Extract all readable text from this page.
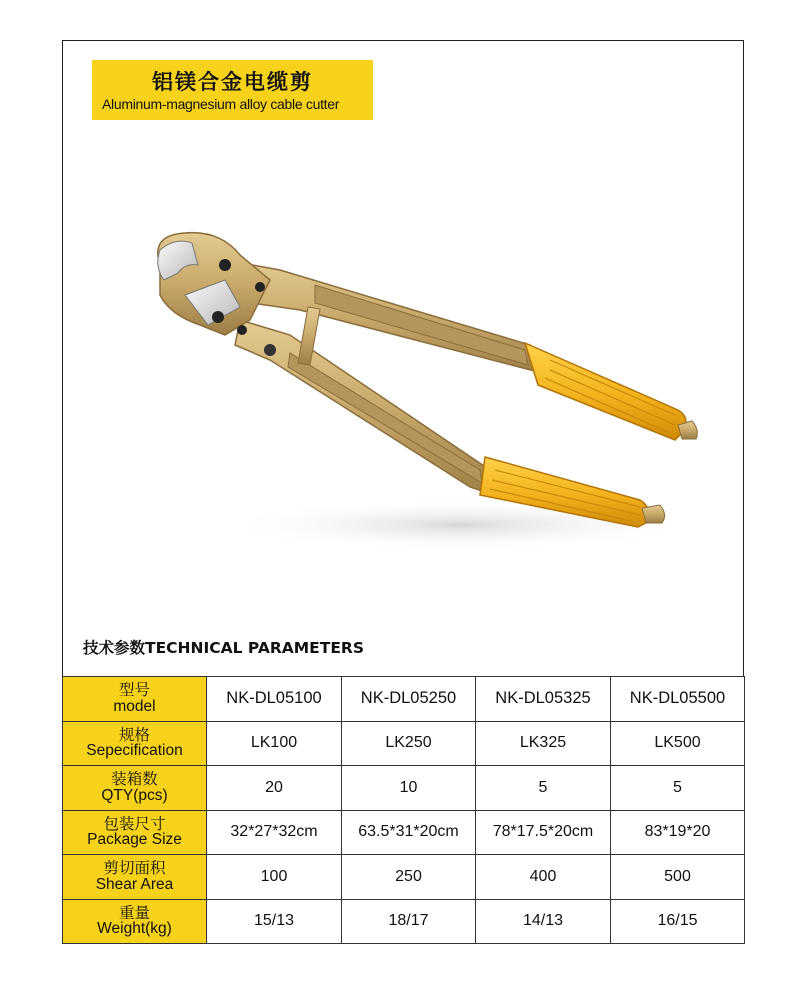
铝镁合金电缆剪
Aluminum-magnesium alloy cable cutter
技术参数TECHNICAL PARAMETERS
型号
model	NK-DL05100	NK-DL05250	NK-DL05325	NK-DL05500

规格
Sepecification	LK100	LK250	LK325	LK500

装箱数
QTY(pcs)	20	10	5	5

包装尺寸
Package Size	32*27*32cm	63.5*31*20cm	78*17.5*20cm	83*19*20

剪切面积
Shear Area	100	250	400	500

重量
Weight(kg)	15/13	18/17	14/13	16/15
